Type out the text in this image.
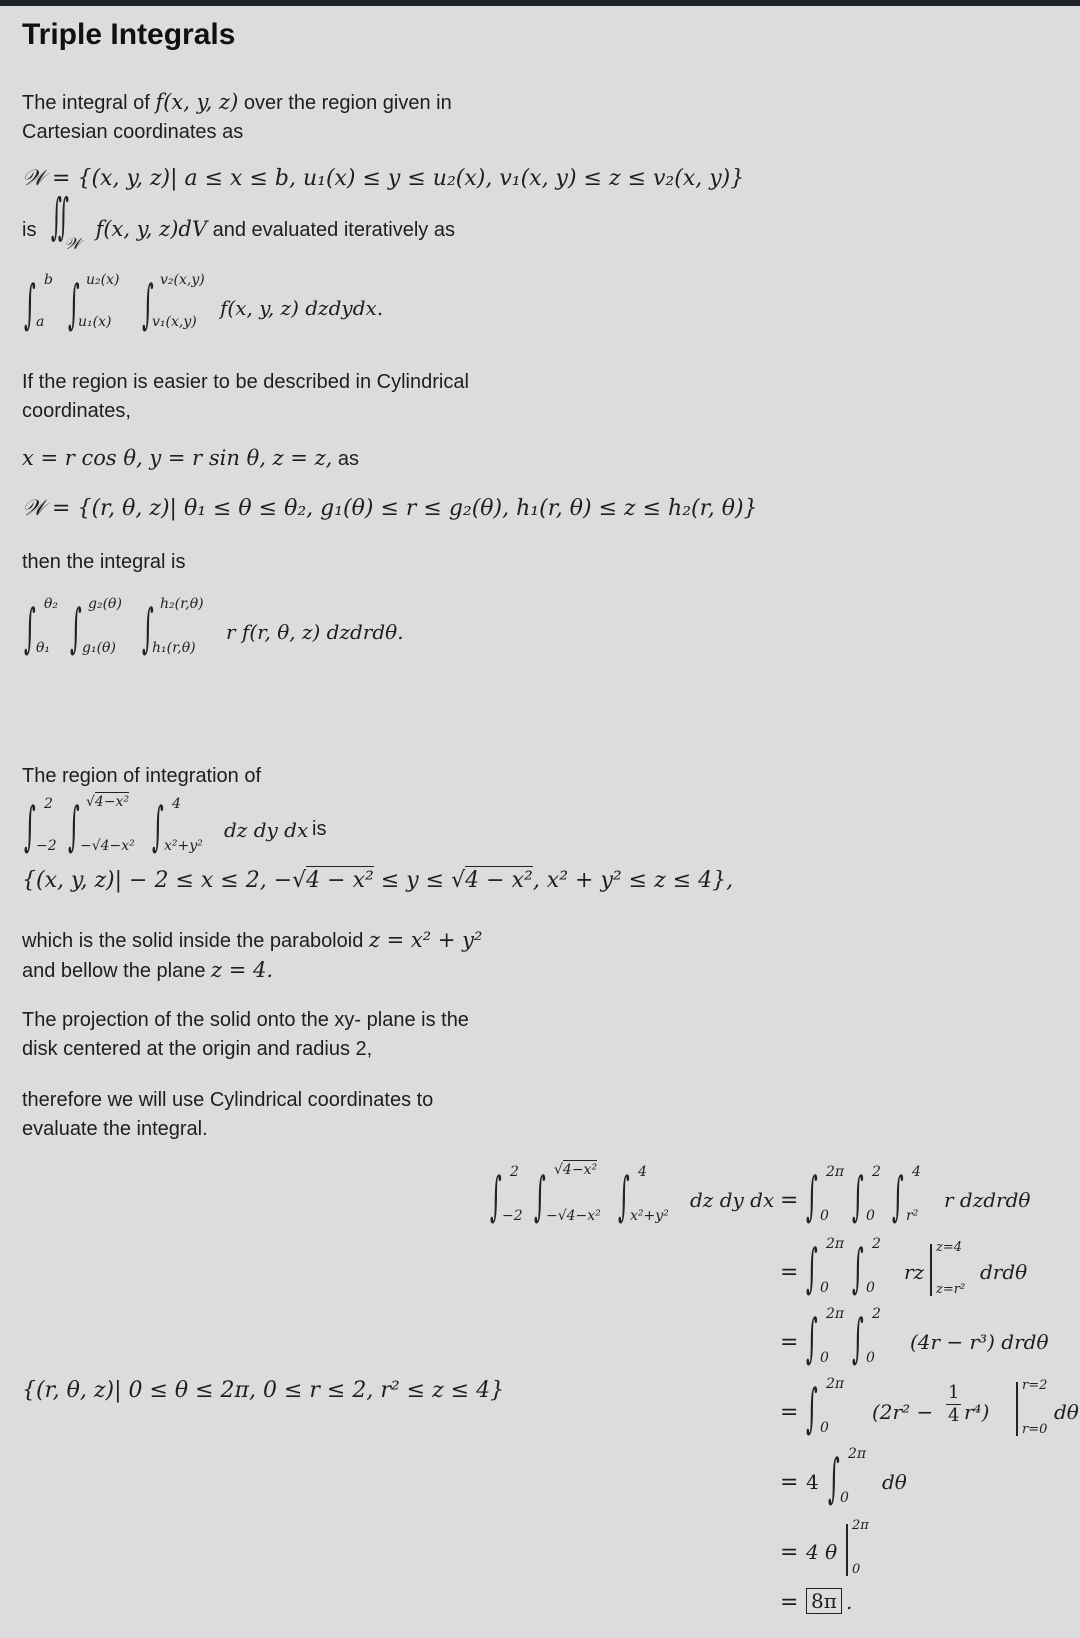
Triple Integrals
The integral of f(x, y, z) over the region given in
Cartesian coordinates as
𝒲 = {(x, y, z)| a ≤ x ≤ b, u₁(x) ≤ y ≤ u₂(x), v₁(x, y) ≤ z ≤ v₂(x, y)}
is ∬
𝒲
f(x, y, z)dV and evaluated iteratively as
∫ b
a ∫ u₂(x)
u₁(x) ∫ v₂(x,y)
v₁(x,y)
f(x, y, z) dzdydx.
If the region is easier to be described in Cylindrical
coordinates,
x = r cos θ, y = r sin θ, z = z, as
𝒲 = {(r, θ, z)| θ₁ ≤ θ ≤ θ₂, g₁(θ) ≤ r ≤ g₂(θ), h₁(r, θ) ≤ z ≤ h₂(r, θ)}
then the integral is
∫ θ₂
θ₁ ∫ g₂(θ)
g₁(θ) ∫ h₂(r,θ)
h₁(r,θ)
r f(r, θ, z) dzdrdθ.
The region of integration of
∫ 2
−2 ∫ √4−x²
−√4−x² ∫ 4
x²+y²
dz dy dx is
{(x, y, z)| − 2 ≤ x ≤ 2, −√4 − x² ≤ y ≤ √4 − x², x² + y² ≤ z ≤ 4},
which is the solid inside the paraboloid z = x² + y²
and bellow the plane z = 4.
The projection of the solid onto the xy- plane is the
disk centered at the origin and radius 2,
therefore we will use Cylindrical coordinates to
evaluate the integral.
{(r, θ, z)| 0 ≤ θ ≤ 2π, 0 ≤ r ≤ 2, r² ≤ z ≤ 4}
∫ 2
−2 ∫ √4−x²
−√4−x² ∫ 4
x²+y²
dz dy dx = ∫ 2π
0 ∫ 2
0 ∫ 4
r²
r dzdrdθ
= ∫ 2π
0 ∫ 2
0
rz
z=4
z=r²
drdθ
= ∫ 2π
0 ∫ 2
0
(4r − r³) drdθ
= ∫ 2π
0
$(2r^2 - \frac{1}{4} r^4)$
r=2
r=0
dθ
= 4 ∫ 2π
0
dθ
= 4 θ
2π
0
= 8π .
